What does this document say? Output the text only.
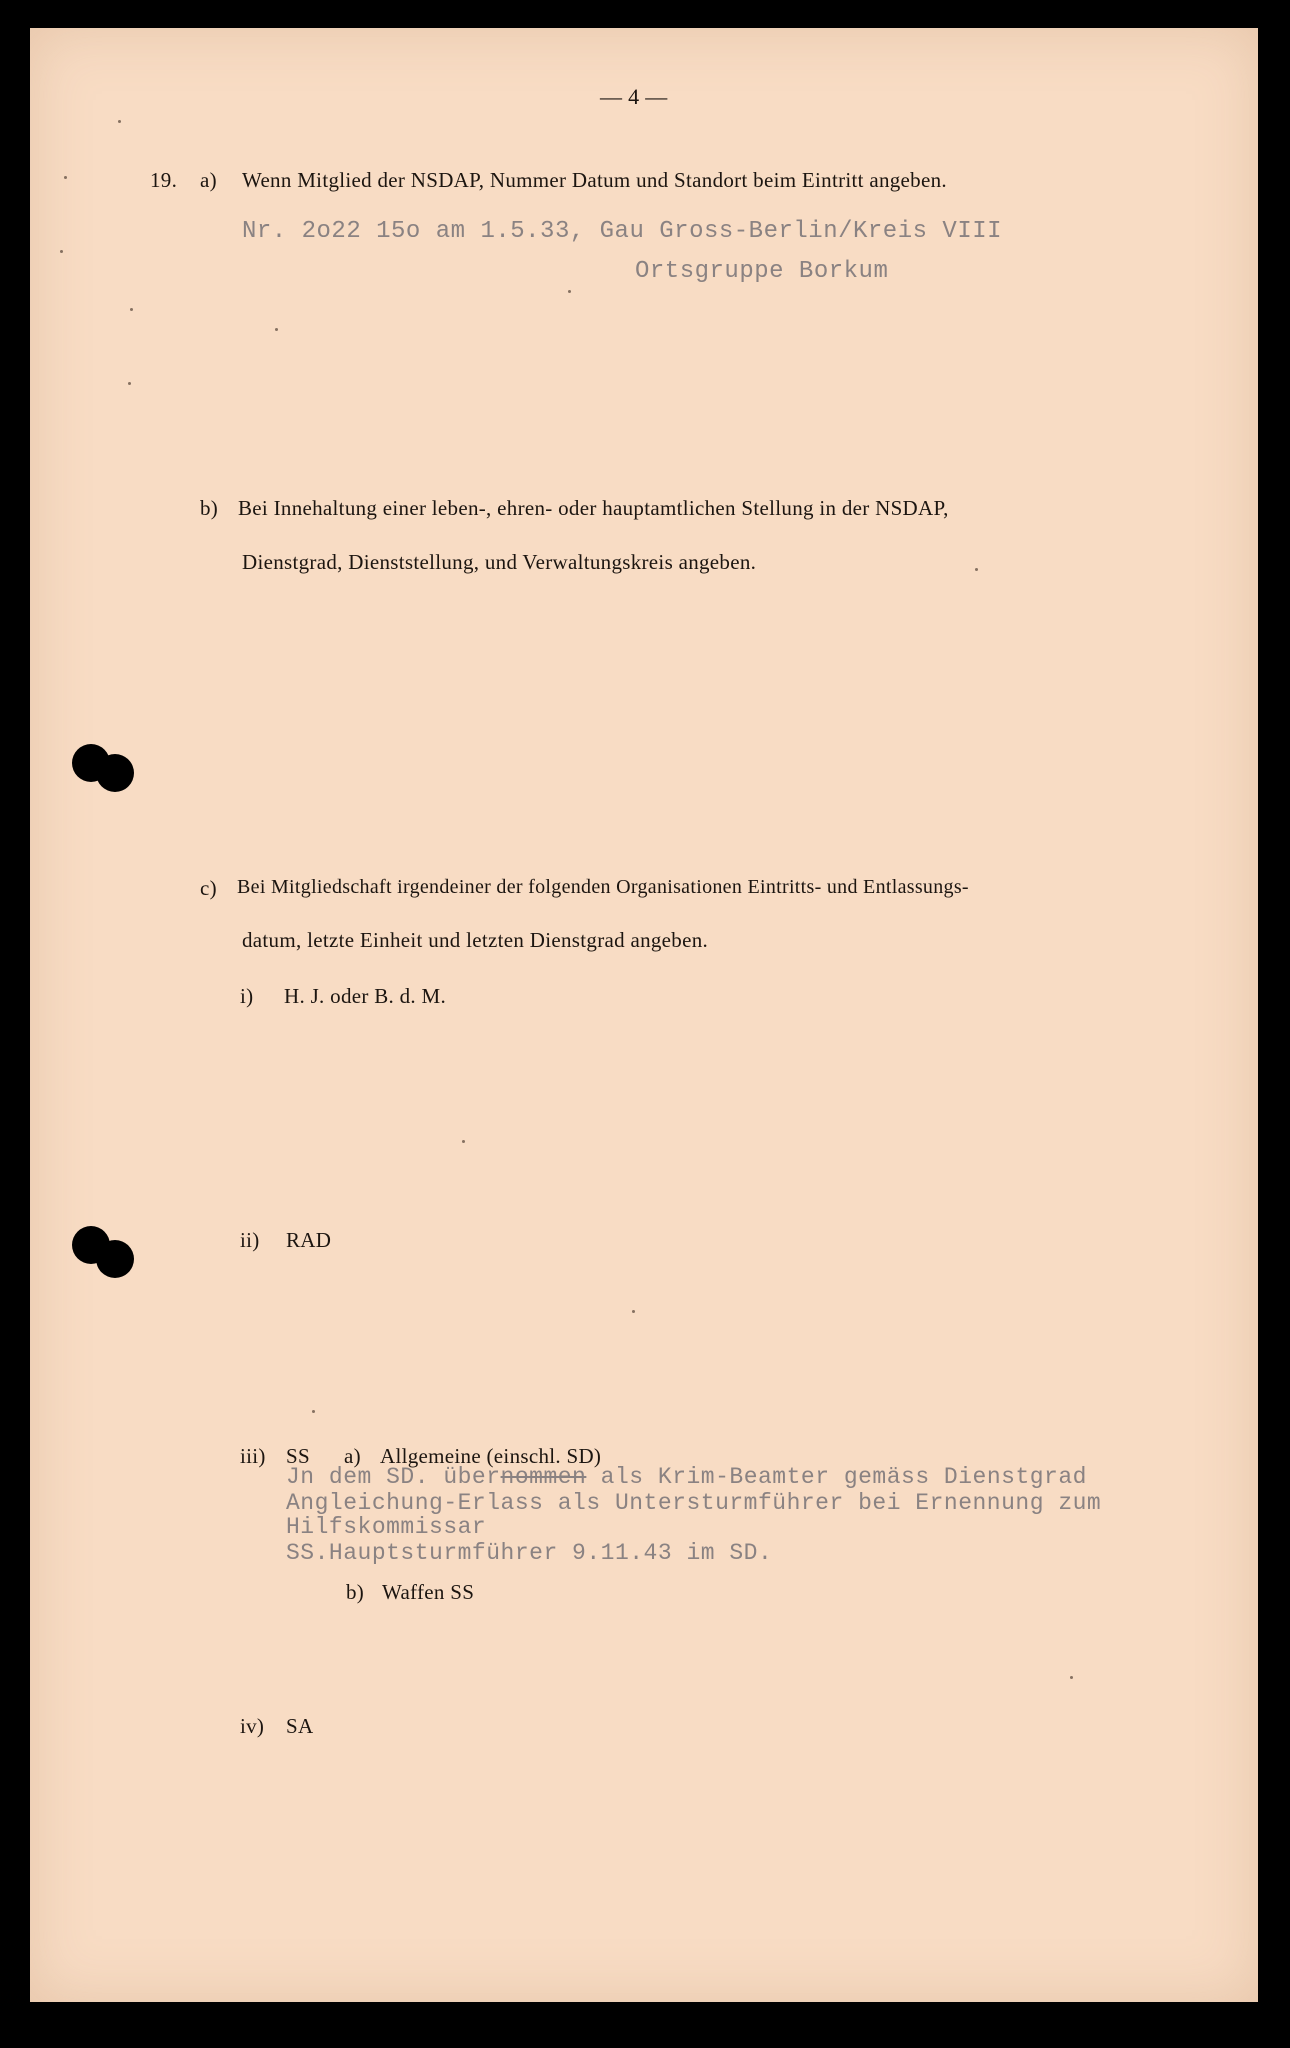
— 4 —
19. a) Wenn Mitglied der NSDAP, Nummer Datum und Standort beim Eintritt angeben.
Nr. 2o22 15o am 1.5.33, Gau Gross-Berlin/Kreis VIII
Ortsgruppe Borkum
b) Bei Innehaltung einer leben-, ehren- oder hauptamtlichen Stellung in der NSDAP,
Dienstgrad, Dienststellung, und Verwaltungskreis angeben.
c) Bei Mitgliedschaft irgendeiner der folgenden Organisationen Eintritts- und Entlassungs-
datum, letzte Einheit und letzten Dienstgrad angeben.
i) H. J. oder B. d. M.
ii) RAD
iii) SS a) Allgemeine (einschl. SD)
Jn dem SD. übernommen als Krim-Beamter gemäss Dienstgrad
Angleichung-Erlass als Untersturmführer bei Ernennung zum
Hilfskommissar
SS.Hauptsturmführer 9.11.43 im SD.
b) Waffen SS
iv) SA
